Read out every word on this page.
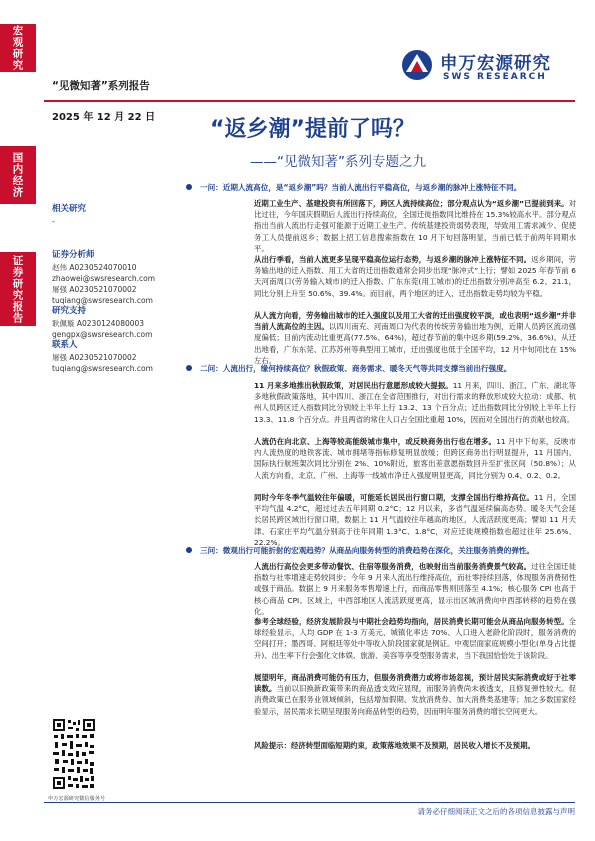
宏观研究
国内经济
证券研究报告
“见微知著”系列报告
2025 年 12 月 22 日
申万宏源研究
SWS RESEARCH
“返乡潮”提前了吗？
——“见微知著”系列专题之九
相关研究
-
证券分析师
赵伟 A0230524070010
zhaowei@swsresearch.com
屠强 A0230521070002
tuqiang@swsresearch.com
研究支持
耿佩璇 A0230124080003
gengpx@swsresearch.com
联系人
屠强 A0230521070002
tuqiang@swsresearch.com
申万宏源研究微信服务号
一问：近期人流高位，是“返乡潮”吗？当前人流出行平稳高位，与返乡潮的脉冲上涨特征不同。
近期工业生产、基建投资有所回落下，跨区人流持续高位；部分观点认为“返乡潮”已提前到来。对比过往，今年国庆假期后人流出行持续高位，全国迁徙指数同比维持在 15.3%较高水平。部分观点指出当前人流出行走强可能源于近期工业生产、传统基建投资弱势表现，导致用工需求减少、促使务工人员提前返乡；数据上招工信息搜索指数在 10 月下旬回落明显，当前已低于前两年同期水平。
从出行季看，当前人流更多呈现平稳高位运行态势，与返乡潮的脉冲上涨特征不同。返乡期间，劳务输出地的迁入指数、用工大省的迁出指数通常会同步出现“脉冲式”上行；譬如 2025 年春节前 6 天河南周口(劳务输入城市)的迁入指数、广东东莞(用工城市)的迁出指数分别冲高至 6.2、21.1，同比分别上升至 50.6%、39.4%。而目前，两个地区的迁入、迁出指数走势均较为平稳。
从人流方向看，劳务输出城市的迁入强度以及用工大省的迁出强度较平淡，或也表明“返乡潮”并非当前人流高位的主因。以四川南充、河南周口为代表的传统劳务输出地为例，近期人员跨区流动强度偏低；目前内流动比重更高(77.5%、64%)，超过春节前的集中返乡期(59.2%、36.6%)。从迁出地看，广东东莞、江苏苏州等典型用工城市，迁出强度也低于全国平均，12 月中旬同比在 15%左右。
二问：人流出行，缘何持续高位？秋假政策、商务需求、暖冬天气等共同支撑当前出行强度。
11 月来多地推出秋假政策，对居民出行意愿形成较大提振。11 月来，四川、浙江、广东、湖北等多地秋假政策落地，其中四川、浙江在全省范围推行，对出行需求的释放形成较大拉动：成都、杭州人员跨区迁入指数同比分别较上半年上行 13.2、13 个百分点；迁出指数同比分别较上半年上行 13.3、11.8 个百分点。并且两省的常住人口占全国比重超 10%，因而对全国出行的贡献也较高。
人流仍在向北京、上海等较高能级城市集中，或反映商务出行也在增多。11 月中下旬来，反映市内人流热度的地铁客流、城市拥堵等指标修复明显放缓；但跨区商务出行明显提升，11 月国内、国际执行航班架次同比分别在 2%、10%附近，旅客出差意愿指数回升至扩张区间（50.8%）；从人流方向看，北京、广州、上海等一线城市净迁入强度明显更高，同比分别为 0.4、0.2、0.2。
同时今年冬季气温较往年偏暖，可能延长居民出行窗口期，支撑全国出行维持高位。11 月，全国平均气温 4.2°C，超过过去五年同期 0.2°C；12 月以来，多省气温延续偏高态势。暖冬天气会延长居民跨区域出行窗口期，数据上 11 月气温较往年越高的地区，人流活跃度更高；譬如 11 月天津、石家庄平均气温分别高于往年同期 1.3°C、1.8°C，对应迁徙规模指数也超过往年 25.6%、22.2%。
三问：微观出行可能折射的宏观趋势？从商品向服务转型的消费趋势在深化，关注服务消费的弹性。
人流出行高位会更多带动餐饮、住宿等服务消费，也映射出当前服务消费景气较高。过往全国迁徙指数与社零增速走势较同步；今年 9 月来人流出行维持高位，而社零持续回落，体现服务消费韧性或强于商品。数据上 9 月来服务零售增速上行，而商品零售则回落至 4.1%；核心服务 CPI 也高于核心商品 CPI。区域上，中西部地区人流活跃度更高，显示出区域消费向中西部转移的趋势在强化。
参考全球经验，经济发展阶段与中期社会趋势均指向，居民消费长期可能会从商品向服务转型。全球经验显示，人均 GDP 在 1-3 万美元、城镇化率达 70%、人口进入老龄化阶段时，服务消费的空间打开；墨西哥、阿根廷等处中等收入阶段国家就是例证。中观层面家庭规模小型化(单身占比提升)、出生率下行会强化文体娱、旅游、美容等享受型服务需求，当下我国恰恰处于该阶段。
展望明年，商品消费可能仍有压力，但服务消费潜力或将市场忽视，预计居民实际消费或好于社零读数。当前以旧换新政策带来的商品透支效应显现，而服务消费尚未被透支，且修复弹性较大。促消费政策已在服务业领域倾斜，包括增加假期、发放消费券、加大消费类基建等；加之多数国家经验显示，居民需求长期呈现服务向商品转型的趋势，因而明年服务消费的增长空间更大。
风险提示：经济转型面临短期约束，政策落地效果不及预期，居民收入增长不及预期。
请务必仔细阅读正文之后的各项信息披露与声明
